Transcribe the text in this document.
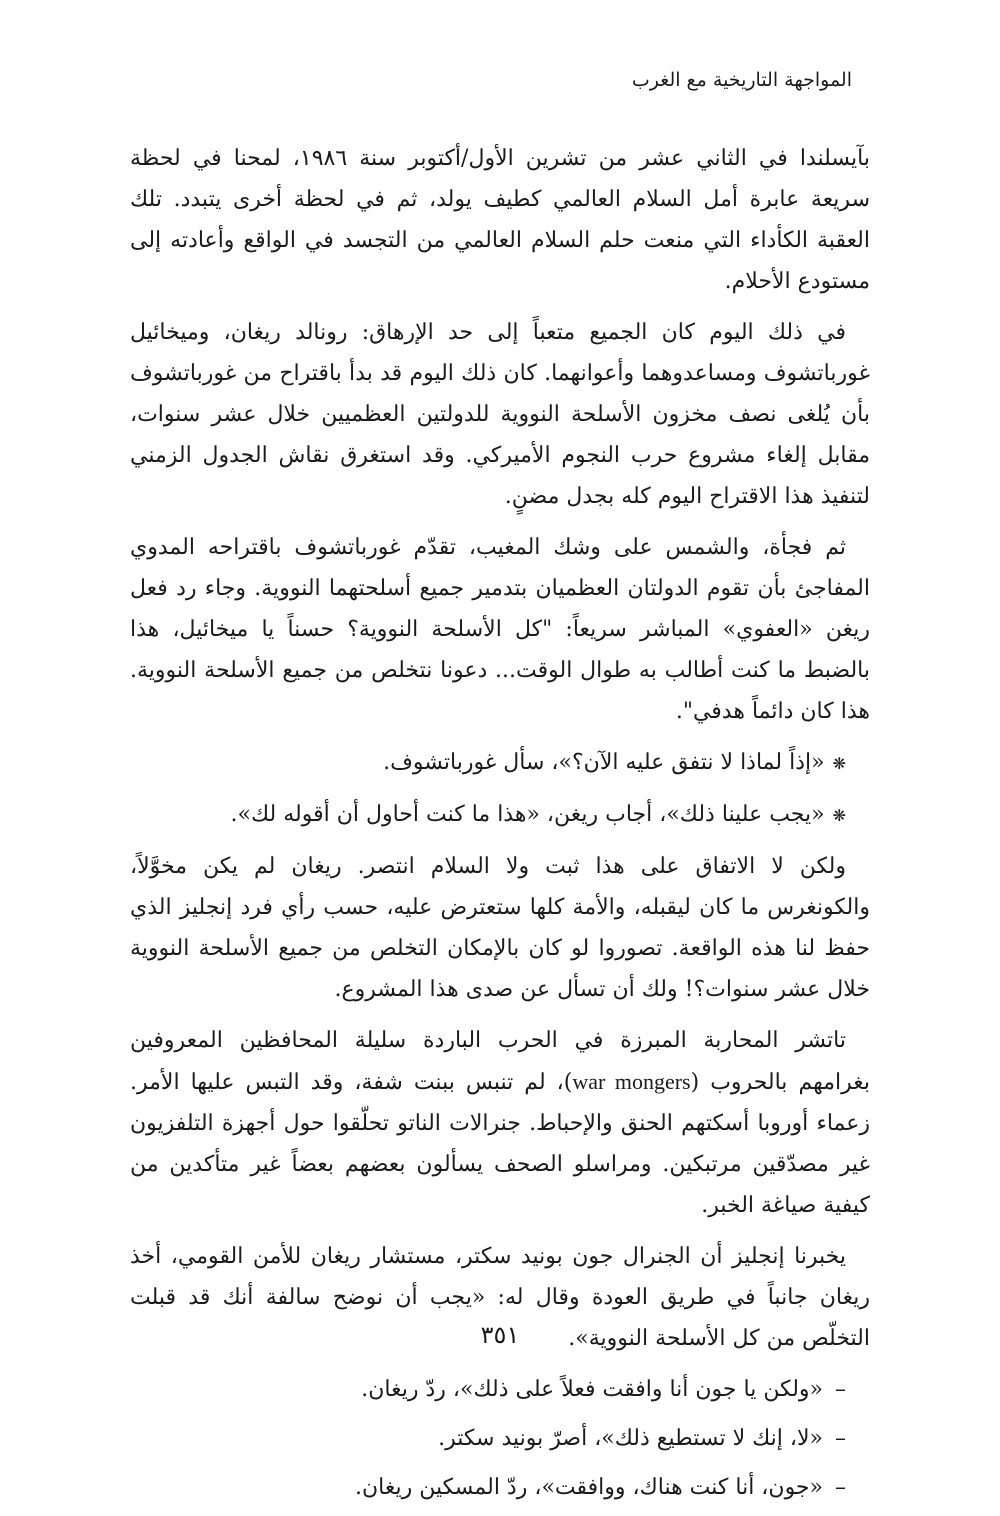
المواجهة التاريخية مع الغرب

بآيسلندا في الثاني عشر من تشرين الأول/أكتوبر سنة ١٩٨٦، لمحنا في لحظة سريعة عابرة أمل السلام العالمي كطيف يولد، ثم في لحظة أخرى يتبدد. تلك العقبة الكأداء التي منعت حلم السلام العالمي من التجسد في الواقع وأعادته إلى مستودع الأحلام.

في ذلك اليوم كان الجميع متعباً إلى حد الإرهاق: رونالد ريغان، وميخائيل غورباتشوف ومساعدوهما وأعوانهما. كان ذلك اليوم قد بدأ باقتراح من غورباتشوف بأن يُلغى نصف مخزون الأسلحة النووية للدولتين العظميين خلال عشر سنوات، مقابل إلغاء مشروع حرب النجوم الأميركي. وقد استغرق نقاش الجدول الزمني لتنفيذ هذا الاقتراح اليوم كله بجدل مضنٍ.

ثم فجأة، والشمس على وشك المغيب، تقدّم غورباتشوف باقتراحه المدوي المفاجئ بأن تقوم الدولتان العظميان بتدمير جميع أسلحتهما النووية. وجاء رد فعل ريغن «العفوي» المباشر سريعاً: "كل الأسلحة النووية؟ حسناً يا ميخائيل، هذا بالضبط ما كنت أطالب به طوال الوقت... دعونا نتخلص من جميع الأسلحة النووية. هذا كان دائماً هدفي".

❋«إذاً لماذا لا نتفق عليه الآن؟»، سأل غورباتشوف.

❋«يجب علينا ذلك»، أجاب ريغن، «هذا ما كنت أحاول أن أقوله لك».

ولكن لا الاتفاق على هذا ثبت ولا السلام انتصر. ريغان لم يكن مخوَّلاً، والكونغرس ما كان ليقبله، والأمة كلها ستعترض عليه، حسب رأي فرد إنجليز الذي حفظ لنا هذه الواقعة. تصوروا لو كان بالإمكان التخلص من جميع الأسلحة النووية خلال عشر سنوات؟! ولك أن تسأل عن صدى هذا المشروع.

تاتشر المحاربة المبرزة في الحرب الباردة سليلة المحافظين المعروفين بغرامهم بالحروب (war mongers)، لم تنبس ببنت شفة، وقد التبس عليها الأمر. زعماء أوروبا أسكتهم الحنق والإحباط. جنرالات الناتو تحلّقوا حول أجهزة التلفزيون غير مصدّقين مرتبكين. ومراسلو الصحف يسألون بعضهم بعضاً غير متأكدين من كيفية صياغة الخبر.

يخبرنا إنجليز أن الجنرال جون بونيد سكتر، مستشار ريغان للأمن القومي، أخذ ريغان جانباً في طريق العودة وقال له: «يجب أن نوضح سالفة أنك قد قبلت التخلّص من كل الأسلحة النووية».

–«ولكن يا جون أنا وافقت فعلاً على ذلك»، ردّ ريغان.

–«لا، إنك لا تستطيع ذلك»، أصرّ بونيد سكتر.

–«جون، أنا كنت هناك، ووافقت»، ردّ المسكين ريغان.

٣٥١
